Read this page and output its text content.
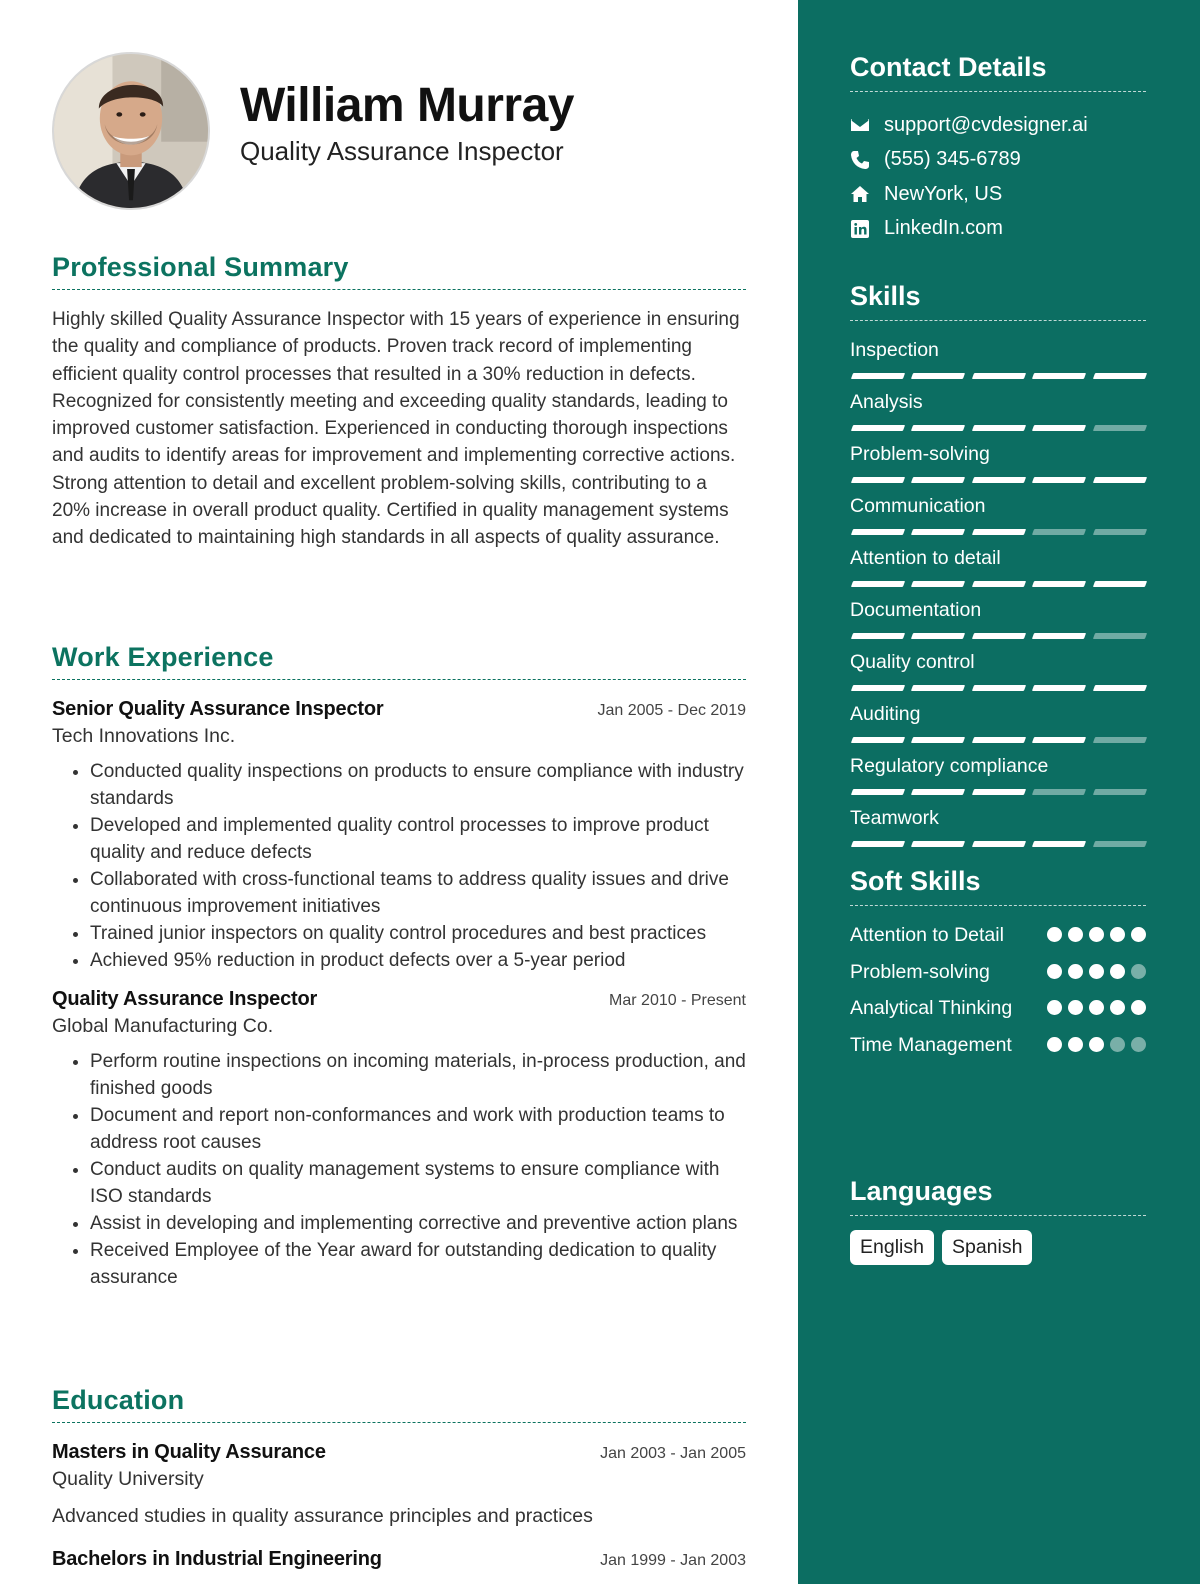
William Murray
Quality Assurance Inspector
Professional Summary
Highly skilled Quality Assurance Inspector with 15 years of experience in ensuring the quality and compliance of products. Proven track record of implementing efficient quality control processes that resulted in a 30% reduction in defects. Recognized for consistently meeting and exceeding quality standards, leading to improved customer satisfaction. Experienced in conducting thorough inspections and audits to identify areas for improvement and implementing corrective actions. Strong attention to detail and excellent problem-solving skills, contributing to a 20% increase in overall product quality. Certified in quality management systems and dedicated to maintaining high standards in all aspects of quality assurance.
Work Experience
Senior Quality Assurance Inspector	Jan 2005 - Dec 2019
Tech Innovations Inc.
• Conducted quality inspections on products to ensure compliance with industry standards
• Developed and implemented quality control processes to improve product quality and reduce defects
• Collaborated with cross-functional teams to address quality issues and drive continuous improvement initiatives
• Trained junior inspectors on quality control procedures and best practices
• Achieved 95% reduction in product defects over a 5-year period
Quality Assurance Inspector	Mar 2010 - Present
Global Manufacturing Co.
• Perform routine inspections on incoming materials, in-process production, and finished goods
• Document and report non-conformances and work with production teams to address root causes
• Conduct audits on quality management systems to ensure compliance with ISO standards
• Assist in developing and implementing corrective and preventive action plans
• Received Employee of the Year award for outstanding dedication to quality assurance
Education
Masters in Quality Assurance	Jan 2003 - Jan 2005
Quality University
Advanced studies in quality assurance principles and practices
Bachelors in Industrial Engineering	Jan 1999 - Jan 2003
Contact Details
support@cvdesigner.ai
(555) 345-6789
NewYork, US
LinkedIn.com
Skills
Inspection
Analysis
Problem-solving
Communication
Attention to detail
Documentation
Quality control
Auditing
Regulatory compliance
Teamwork
Soft Skills
Attention to Detail
Problem-solving
Analytical Thinking
Time Management
Languages
English	Spanish
